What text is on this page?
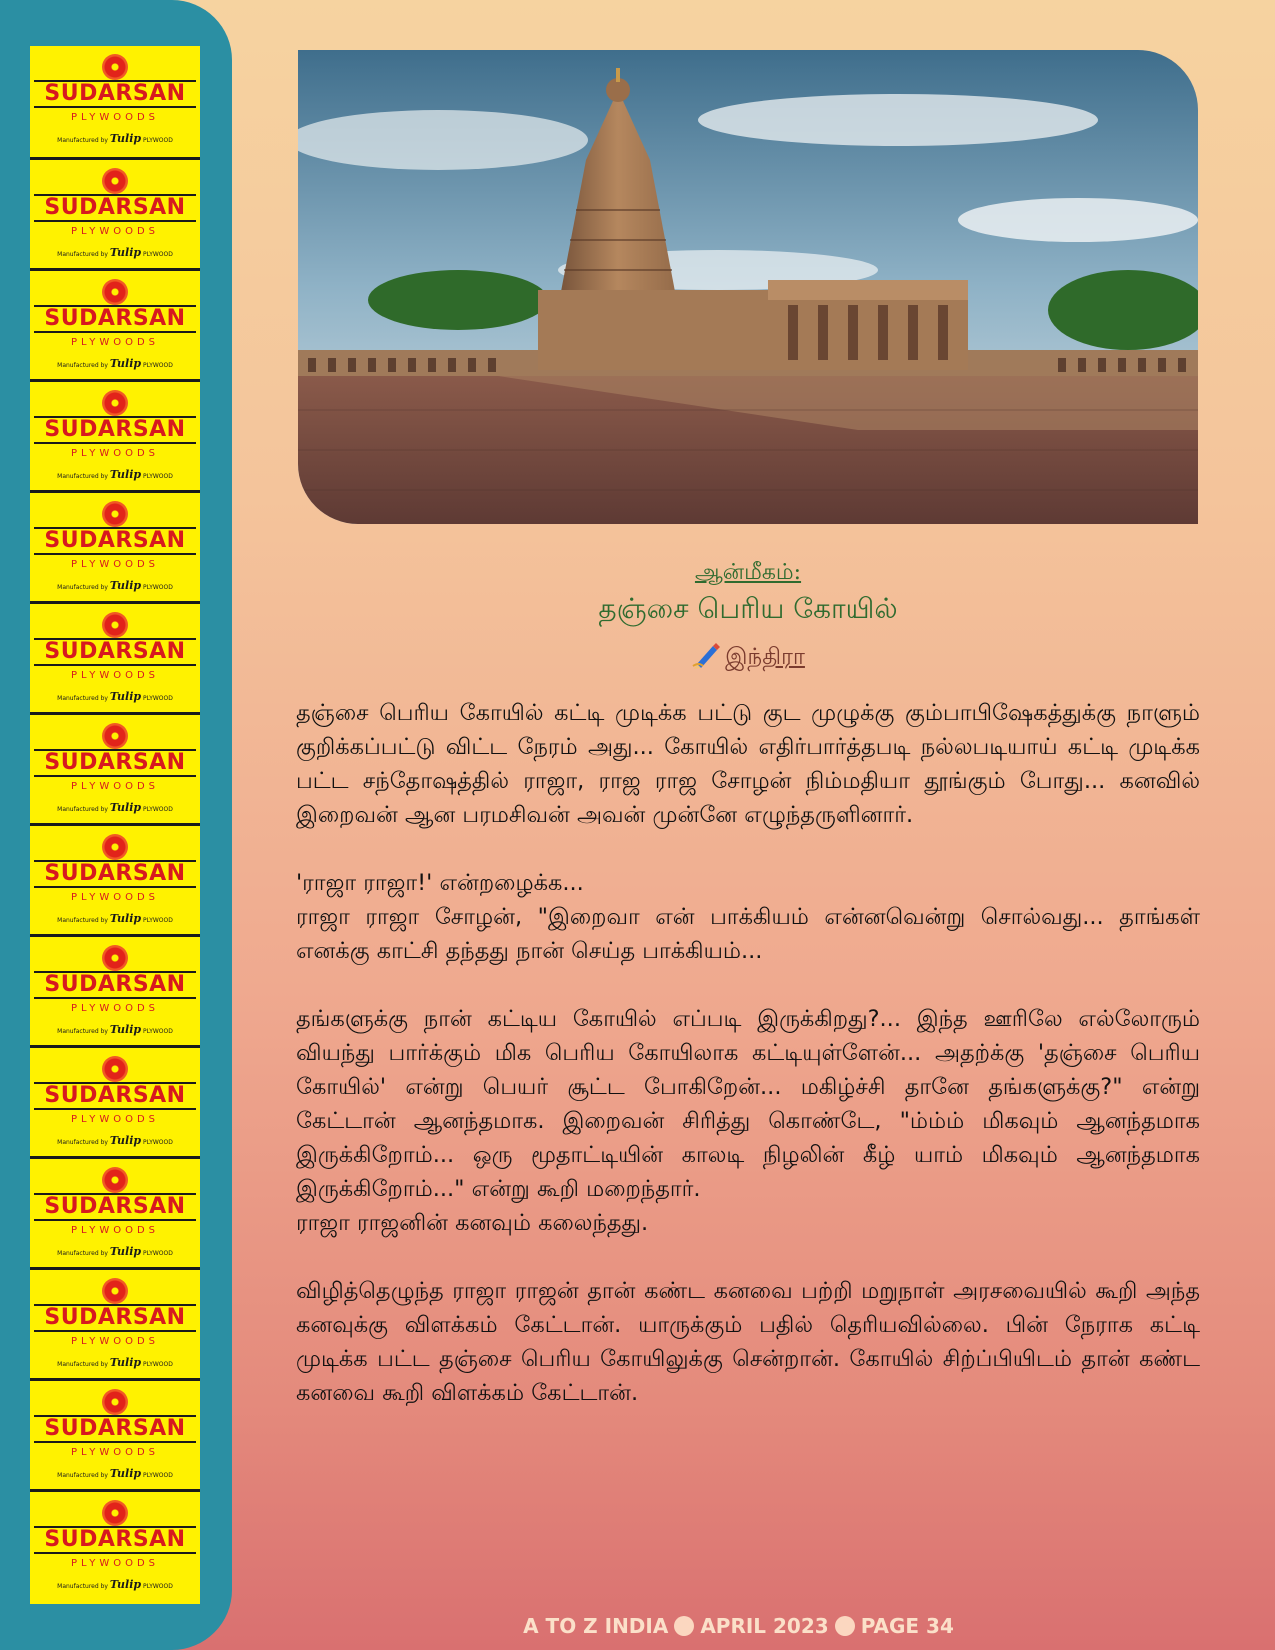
SUDARSAN
PLYWOODS
Manufactured by Tulip PLYWOOD
SUDARSAN
PLYWOODS
Manufactured by Tulip PLYWOOD
SUDARSAN
PLYWOODS
Manufactured by Tulip PLYWOOD
SUDARSAN
PLYWOODS
Manufactured by Tulip PLYWOOD
SUDARSAN
PLYWOODS
Manufactured by Tulip PLYWOOD
SUDARSAN
PLYWOODS
Manufactured by Tulip PLYWOOD
SUDARSAN
PLYWOODS
Manufactured by Tulip PLYWOOD
SUDARSAN
PLYWOODS
Manufactured by Tulip PLYWOOD
SUDARSAN
PLYWOODS
Manufactured by Tulip PLYWOOD
SUDARSAN
PLYWOODS
Manufactured by Tulip PLYWOOD
SUDARSAN
PLYWOODS
Manufactured by Tulip PLYWOOD
SUDARSAN
PLYWOODS
Manufactured by Tulip PLYWOOD
SUDARSAN
PLYWOODS
Manufactured by Tulip PLYWOOD
SUDARSAN
PLYWOODS
Manufactured by Tulip PLYWOOD
ஆன்மீகம்:
தஞ்சை பெரிய கோயில்
இந்திரா

தஞ்சை பெரிய கோயில் கட்டி முடிக்க பட்டு குட முழுக்கு கும்பாபிஷேகத்துக்கு நாளும் குறிக்கப்பட்டு விட்ட நேரம் அது... கோயில் எதிர்பார்த்தபடி நல்லபடியாய் கட்டி முடிக்க பட்ட சந்தோஷத்தில் ராஜா, ராஜ ராஜ சோழன் நிம்மதியா தூங்கும் போது... கனவில் இறைவன் ஆன பரமசிவன் அவன் முன்னே எழுந்தருளினார்.

'ராஜா ராஜா!' என்றழைக்க...

ராஜா ராஜா சோழன், "இறைவா என் பாக்கியம் என்னவென்று சொல்வது... தாங்கள் எனக்கு காட்சி தந்தது நான் செய்த பாக்கியம்...

தங்களுக்கு நான் கட்டிய கோயில் எப்படி இருக்கிறது?... இந்த ஊரிலே எல்லோரும் வியந்து பார்க்கும் மிக பெரிய கோயிலாக கட்டியுள்ளேன்... அதற்க்கு 'தஞ்சை பெரிய கோயில்' என்று பெயர் சூட்ட போகிறேன்... மகிழ்ச்சி தானே தங்களுக்கு?" என்று கேட்டான் ஆனந்தமாக. இறைவன் சிரித்து கொண்டே, "ம்ம்ம் மிகவும் ஆனந்தமாக இருக்கிறோம்... ஒரு மூதாட்டியின் காலடி நிழலின் கீழ் யாம் மிகவும் ஆனந்தமாக இருக்கிறோம்..." என்று கூறி மறைந்தார்.

ராஜா ராஜனின் கனவும் கலைந்தது.

விழித்தெழுந்த ராஜா ராஜன் தான் கண்ட கனவை பற்றி மறுநாள் அரசவையில் கூறி அந்த கனவுக்கு விளக்கம் கேட்டான். யாருக்கும் பதில் தெரியவில்லை. பின் நேராக கட்டி முடிக்க பட்ட தஞ்சை பெரிய கோயிலுக்கு சென்றான். கோயில் சிற்ப்பியிடம் தான் கண்ட கனவை கூறி விளக்கம் கேட்டான்.

A TO Z INDIA APRIL 2023 PAGE 34
